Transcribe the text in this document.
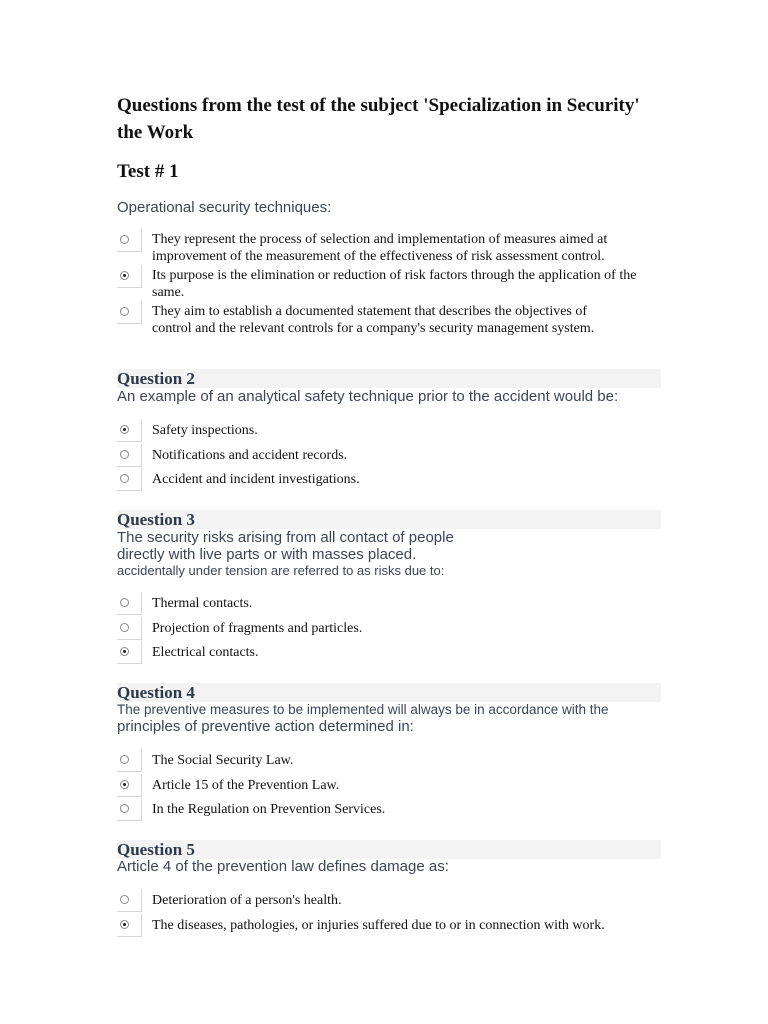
Questions from the test of the subject 'Specialization in Security'
the Work
Test # 1
Operational security techniques:
They represent the process of selection and implementation of measures aimed at
improvement of the measurement of the effectiveness of risk assessment control.
Its purpose is the elimination or reduction of risk factors through the application of the
same.
They aim to establish a documented statement that describes the objectives of
control and the relevant controls for a company's security management system.
Question 2
An example of an analytical safety technique prior to the accident would be:
Safety inspections.
Notifications and accident records.
Accident and incident investigations.
Question 3
The security risks arising from all contact of people
directly with live parts or with masses placed.
accidentally under tension are referred to as risks due to:
Thermal contacts.
Projection of fragments and particles.
Electrical contacts.
Question 4
The preventive measures to be implemented will always be in accordance with the
principles of preventive action determined in:
The Social Security Law.
Article 15 of the Prevention Law.
In the Regulation on Prevention Services.
Question 5
Article 4 of the prevention law defines damage as:
Deterioration of a person's health.
The diseases, pathologies, or injuries suffered due to or in connection with work.
